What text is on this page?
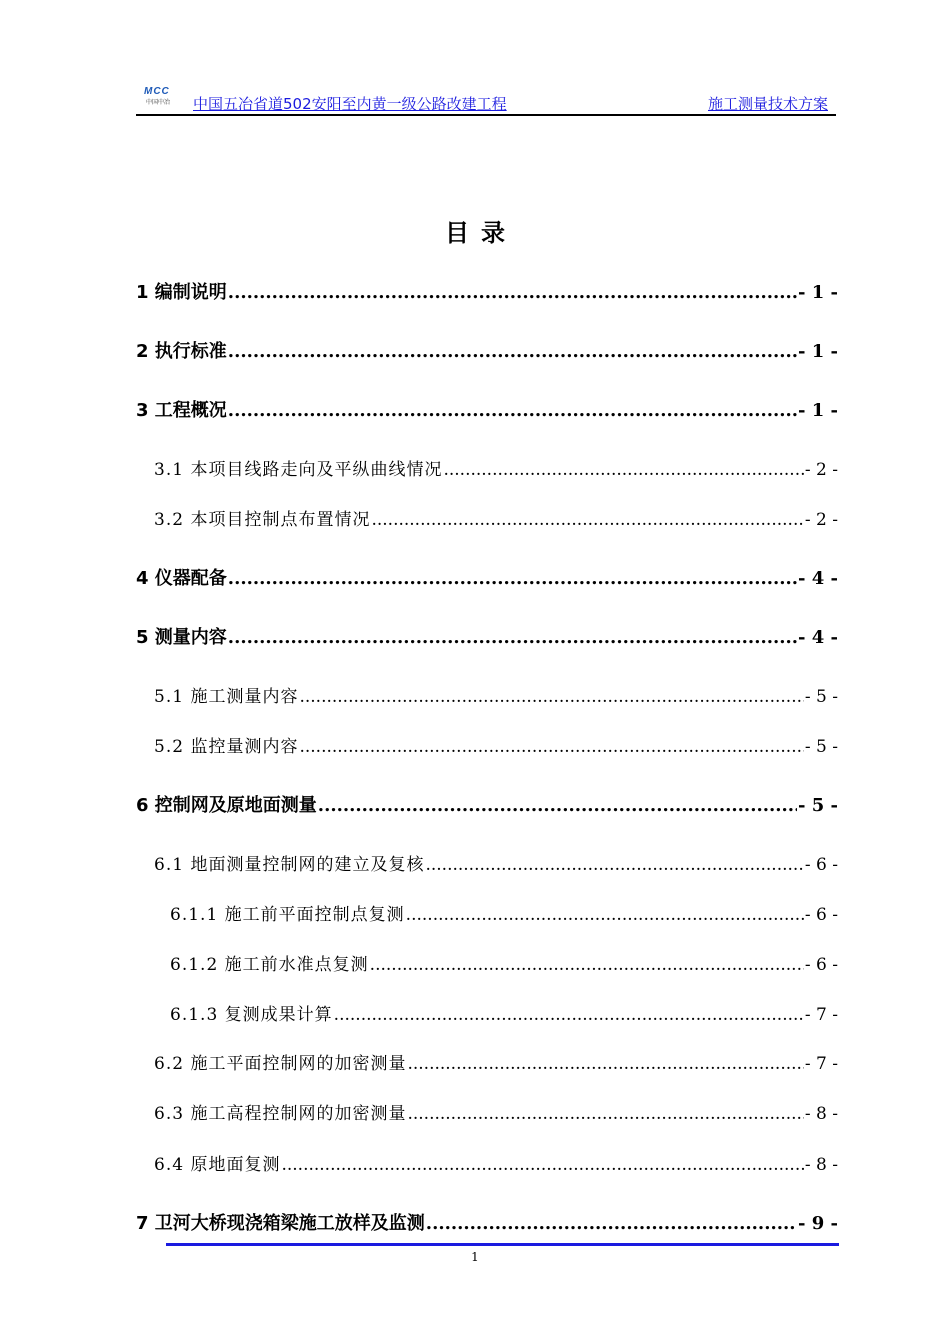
MCC
中国中冶 中国五冶省道502安阳至内黄一级公路改建工程	施工测量技术方案
目录
1 编制说明 .....	- 1 -
2 执行标准 .....	- 1 -
3 工程概况 .....	- 1 -
3.1 本项目线路走向及平纵曲线情况 .....	- 2 -
3.2 本项目控制点布置情况 .....	- 2 -
4 仪器配备 .....	- 4 -
5 测量内容 .....	- 4 -
5.1 施工测量内容 .....	- 5 -
5.2 监控量测内容 .....	- 5 -
6 控制网及原地面测量 .....	- 5 -
6.1 地面测量控制网的建立及复核 .....	- 6 -
6.1.1 施工前平面控制点复测 .....	- 6 -
6.1.2 施工前水准点复测 .....	- 6 -
6.1.3 复测成果计算 .....	- 7 -
6.2 施工平面控制网的加密测量 .....	- 7 -
6.3 施工高程控制网的加密测量 .....	- 8 -
6.4 原地面复测 .....	- 8 -
7 卫河大桥现浇箱梁施工放样及监测 .....	- 9 -
1
